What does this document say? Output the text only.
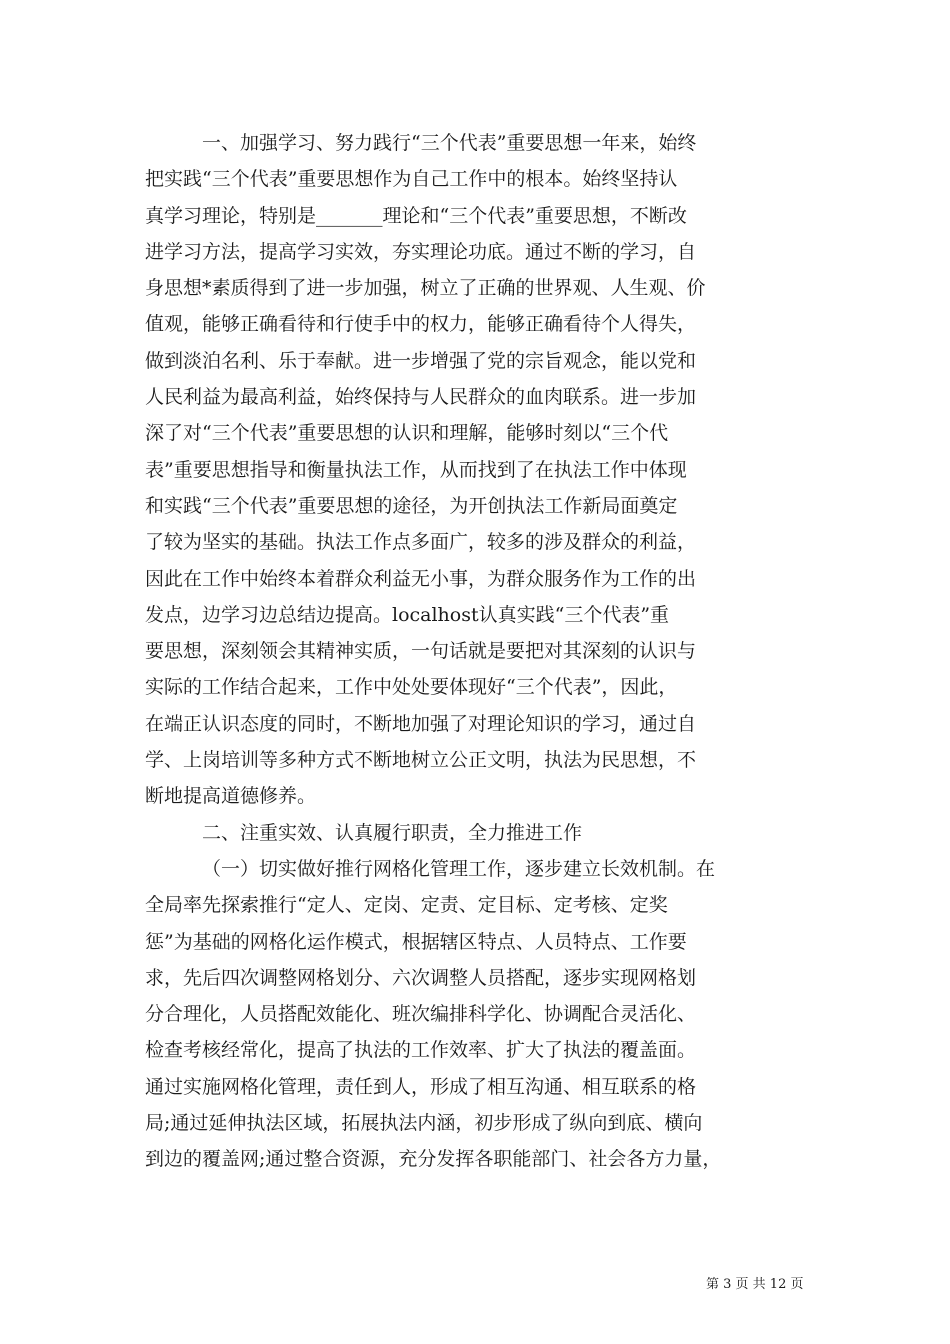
一、加强学习、努力践行“三个代表”重要思想一年来，始终
把实践“三个代表”重要思想作为自己工作中的根本。始终坚持认
真学习理论，特别是_______理论和“三个代表”重要思想，不断改
进学习方法，提高学习实效，夯实理论功底。通过不断的学习，自
身思想*素质得到了进一步加强，树立了正确的世界观、人生观、价
值观，能够正确看待和行使手中的权力，能够正确看待个人得失，
做到淡泊名利、乐于奉献。进一步增强了党的宗旨观念，能以党和
人民利益为最高利益，始终保持与人民群众的血肉联系。进一步加
深了对“三个代表”重要思想的认识和理解，能够时刻以“三个代
表”重要思想指导和衡量执法工作，从而找到了在执法工作中体现
和实践“三个代表”重要思想的途径，为开创执法工作新局面奠定
了较为坚实的基础。执法工作点多面广，较多的涉及群众的利益，
因此在工作中始终本着群众利益无小事，为群众服务作为工作的出
发点，边学习边总结边提高。localhost认真实践“三个代表”重
要思想，深刻领会其精神实质，一句话就是要把对其深刻的认识与
实际的工作结合起来，工作中处处要体现好“三个代表”，因此，
在端正认识态度的同时，不断地加强了对理论知识的学习，通过自
学、上岗培训等多种方式不断地树立公正文明，执法为民思想，不
断地提高道德修养。
二、注重实效、认真履行职责，全力推进工作
（一）切实做好推行网格化管理工作，逐步建立长效机制。在
全局率先探索推行“定人、定岗、定责、定目标、定考核、定奖
惩”为基础的网格化运作模式，根据辖区特点、人员特点、工作要
求，先后四次调整网格划分、六次调整人员搭配，逐步实现网格划
分合理化，人员搭配效能化、班次编排科学化、协调配合灵活化、
检查考核经常化，提高了执法的工作效率、扩大了执法的覆盖面。
通过实施网格化管理，责任到人，形成了相互沟通、相互联系的格
局;通过延伸执法区域，拓展执法内涵，初步形成了纵向到底、横向
到边的覆盖网;通过整合资源，充分发挥各职能部门、社会各方力量，
第 3 页 共 12 页
